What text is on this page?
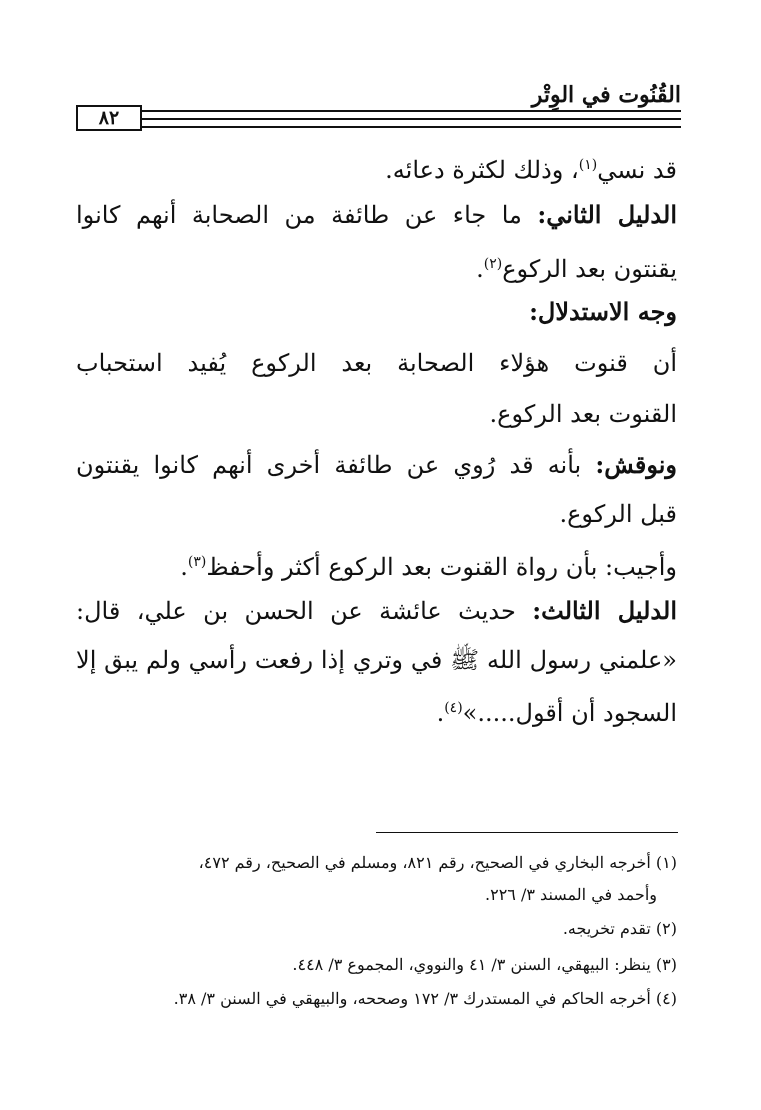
القُنُوت في الوِتْر
٨٢
قد نسي$^{(١)}$، وذلك لكثرة دعائه.
الدليل الثاني: ما جاء عن طائفة من الصحابة أنهم كانوا
يقنتون بعد الركوع$^{(٢)}$.
وجه الاستدلال:
أن قنوت هؤلاء الصحابة بعد الركوع يُفيد استحباب
القنوت بعد الركوع.
ونوقش: بأنه قد رُوي عن طائفة أخرى أنهم كانوا يقنتون
قبل الركوع.
وأجيب: بأن رواة القنوت بعد الركوع أكثر وأحفظ$^{(٣)}$.
الدليل الثالث: حديث عائشة عن الحسن بن علي، قال:
«علمني رسول الله ﷺ في وتري إذا رفعت رأسي ولم يبق إلا
السجود أن أقول.....»$^{(٤)}$.
(١) أخرجه البخاري في الصحيح، رقم ٨٢١، ومسلم في الصحيح، رقم ٤٧٢،
وأحمد في المسند ٣/ ٢٢٦.
(٢) تقدم تخريجه.
(٣) ينظر: البيهقي، السنن ٣/ ٤١ والنووي، المجموع ٣/ ٤٤٨.
(٤) أخرجه الحاكم في المستدرك ٣/ ١٧٢ وصححه، والبيهقي في السنن ٣/ ٣٨.
